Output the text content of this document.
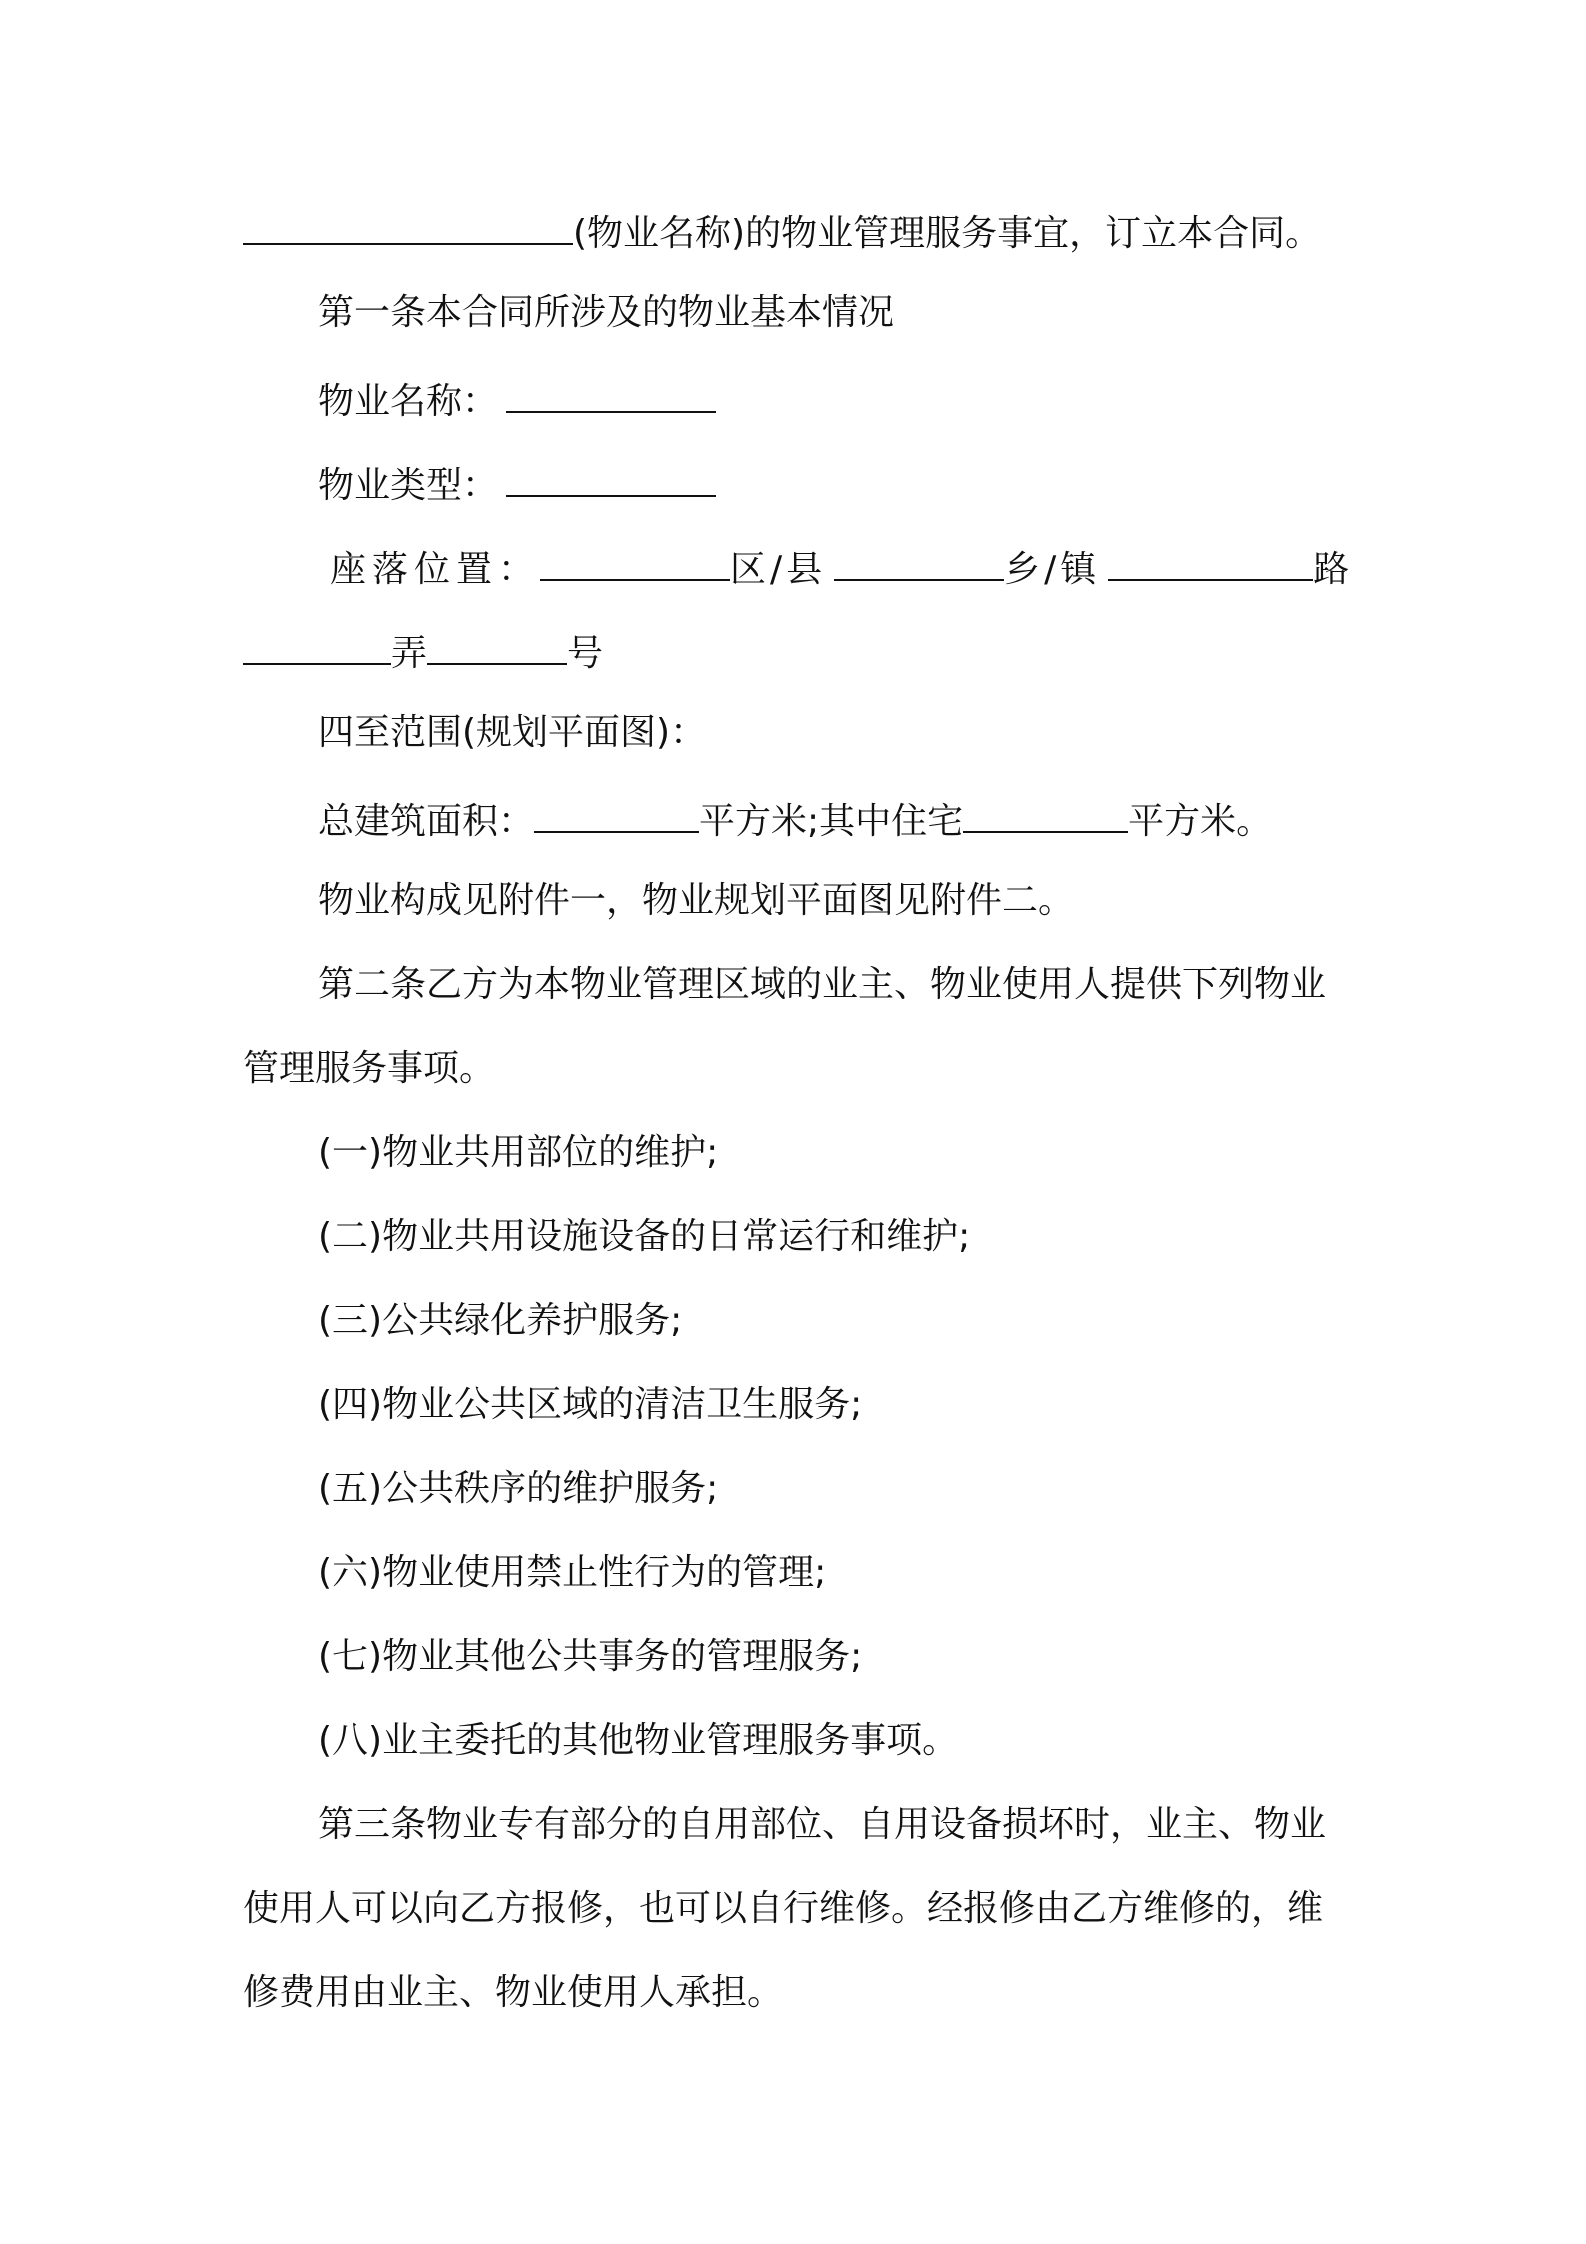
(物业名称)的物业管理服务事宜，订立本合同。
第一条本合同所涉及的物业基本情况
物业名称：
物业类型：
座落位置：	区/县	乡/镇	路
弄	号
四至范围(规划平面图)：
总建筑面积：	平方米;其中住宅	平方米。
物业构成见附件一，物业规划平面图见附件二。
第二条乙方为本物业管理区域的业主、物业使用人提供下列物业
管理服务事项。
(一)物业共用部位的维护;
(二)物业共用设施设备的日常运行和维护;
(三)公共绿化养护服务;
(四)物业公共区域的清洁卫生服务;
(五)公共秩序的维护服务;
(六)物业使用禁止性行为的管理;
(七)物业其他公共事务的管理服务;
(八)业主委托的其他物业管理服务事项。
第三条物业专有部分的自用部位、自用设备损坏时，业主、物业
使用人可以向乙方报修，也可以自行维修。经报修由乙方维修的，维
修费用由业主、物业使用人承担。
